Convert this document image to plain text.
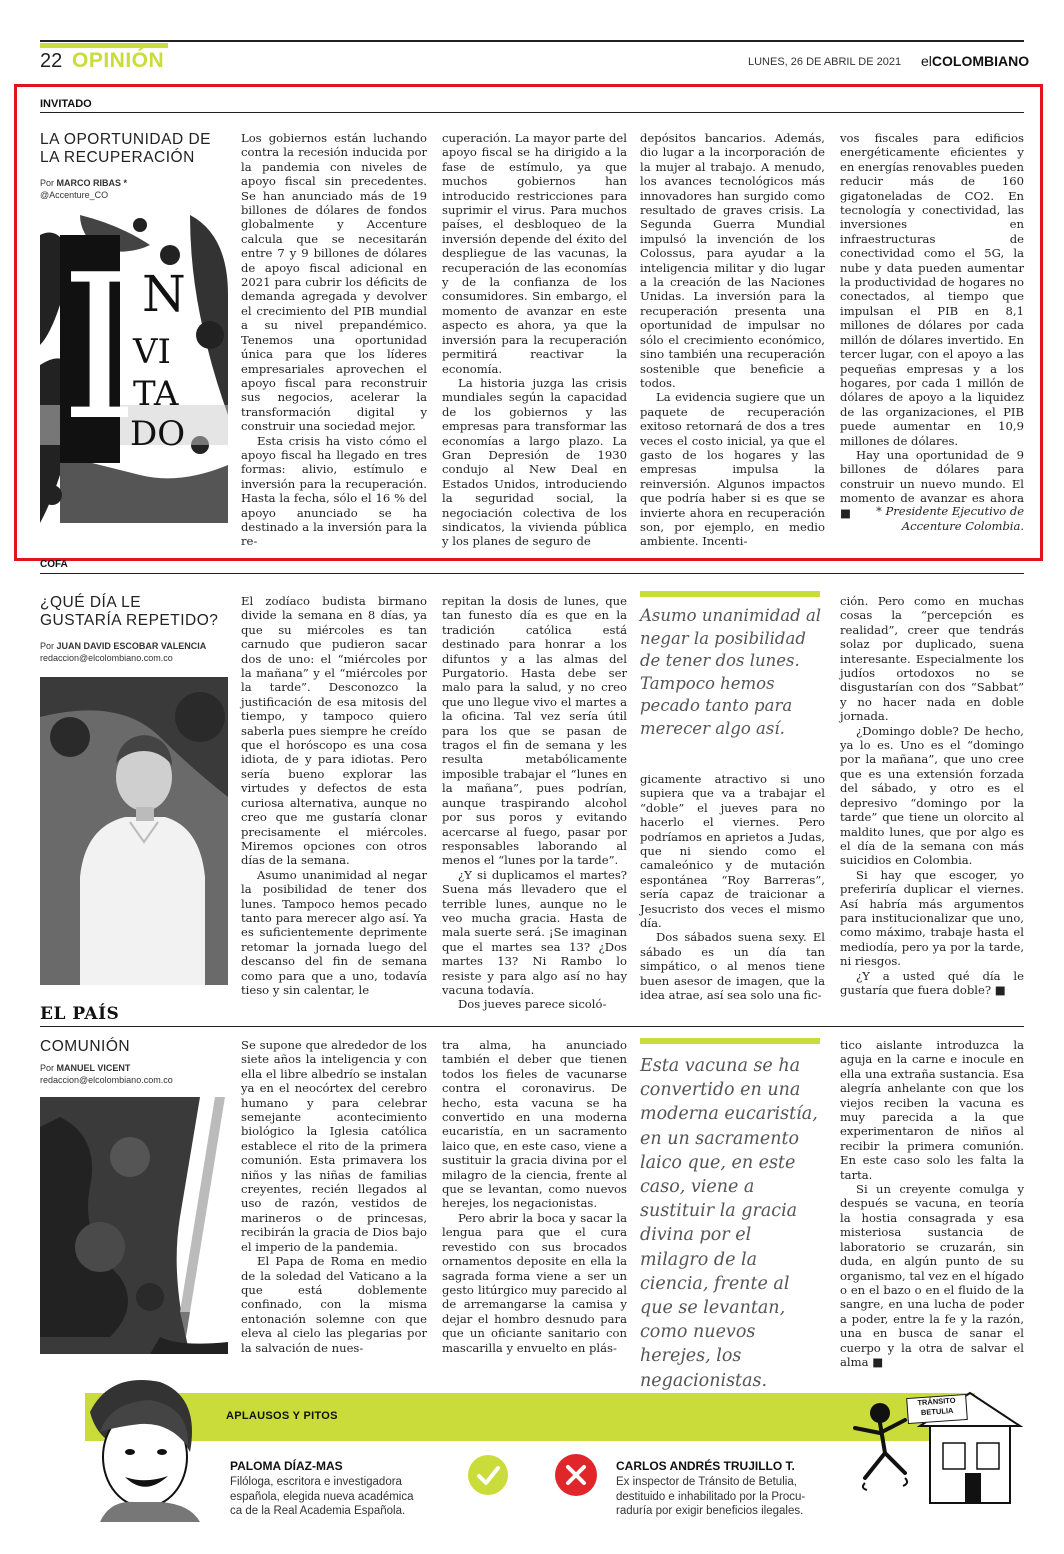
22 OPINIÓN	LUNES, 26 DE ABRIL DE 2021 elCOLOMBIANO
INVITADO
LA OPORTUNIDAD DE
LA RECUPERACIÓN
Por MARCO RIBAS *
@Accenture_CO
I N
VI
TA
DO

Los gobiernos están luchando contra la recesión inducida por la pandemia con niveles de apoyo fiscal sin precedentes. Se han anunciado más de 19 billones de dólares de fondos globalmente y Accenture calcula que se necesitarán entre 7 y 9 billones de dólares de apoyo fiscal adicional en 2021 para cubrir los déficits de demanda agregada y devolver el crecimiento del PIB mundial a su nivel prepandémico. Tenemos una oportunidad única para que los líderes empresariales aprovechen el apoyo fiscal para reconstruir sus negocios, acelerar la transformación digital y construir una sociedad mejor.

Esta crisis ha visto cómo el apoyo fiscal ha llegado en tres formas: alivio, estímulo e inversión para la recuperación. Hasta la fecha, sólo el 16 % del apoyo anunciado se ha destinado a la inversión para la re-

cuperación. La mayor parte del apoyo fiscal se ha dirigido a la fase de estímulo, ya que muchos gobiernos han introducido restricciones para suprimir el virus. Para muchos países, el desbloqueo de la inversión depende del éxito del despliegue de las vacunas, la recuperación de las economías y de la confianza de los consumidores. Sin embargo, el momento de avanzar en este aspecto es ahora, ya que la inversión para la recuperación permitirá reactivar la economía.

La historia juzga las crisis mundiales según la capacidad de los gobiernos y las empresas para transformar las economías a largo plazo. La Gran Depresión de 1930 condujo al New Deal en Estados Unidos, introduciendo la seguridad social, la negociación colectiva de los sindicatos, la vivienda pública y los planes de seguro de

depósitos bancarios. Además, dio lugar a la incorporación de la mujer al trabajo. A menudo, los avances tecnológicos más innovadores han surgido como resultado de graves crisis. La Segunda Guerra Mundial impulsó la invención de los Colossus, para ayudar a la inteligencia militar y dio lugar a la creación de las Naciones Unidas. La inversión para la recuperación presenta una oportunidad de impulsar no sólo el crecimiento económico, sino también una recuperación sostenible que beneficie a todos.

La evidencia sugiere que un paquete de recuperación exitoso retornará de dos a tres veces el costo inicial, ya que el gasto de los hogares y las empresas impulsa la reinversión. Algunos impactos que podría haber si es que se invierte ahora en recuperación son, por ejemplo, en medio ambiente. Incenti-

vos fiscales para edificios energéticamente eficientes y en energías renovables pueden reducir más de 160 gigatoneladas de CO2. En tecnología y conectividad, las inversiones en infraestructuras de conectividad como el 5G, la nube y data pueden aumentar la productividad de hogares no conectados, al tiempo que impulsan el PIB en 8,1 millones de dólares por cada millón de dólares invertido. En tercer lugar, con el apoyo a las pequeñas empresas y a los hogares, por cada 1 millón de dólares de apoyo a la liquidez de las organizaciones, el PIB puede aumentar en 10,9 millones de dólares.

Hay una oportunidad de 9 billones de dólares para construir un nuevo mundo. El momento de avanzar es ahora ■	* Presidente Ejecutivo de
Accenture Colombia.
COFA
¿QUÉ DÍA LE
GUSTARÍA REPETIDO?
Por JUAN DAVID ESCOBAR VALENCIA
redaccion@elcolombiano.com.co

El zodíaco budista birmano divide la semana en 8 días, ya que su miércoles es tan carnudo que pudieron sacar dos de uno: el “miércoles por la mañana” y el “miércoles por la tarde”. Desconozco la justificación de esa mitosis del tiempo, y tampoco quiero saberla pues siempre he creído que el horóscopo es una cosa idiota, de y para idiotas. Pero sería bueno explorar las virtudes y defectos de esta curiosa alternativa, aunque no creo que me gustaría clonar precisamente el miércoles. Miremos opciones con otros días de la semana.

Asumo unanimidad al negar la posibilidad de tener dos lunes. Tampoco hemos pecado tanto para merecer algo así. Ya es suficientemente deprimente retomar la jornada luego del descanso del fin de semana como para que a uno, todavía tieso y sin calentar, le

repitan la dosis de lunes, que tan funesto día es que en la tradición católica está destinado para honrar a los difuntos y a las almas del Purgatorio. Hasta debe ser malo para la salud, y no creo que uno llegue vivo el martes a la oficina. Tal vez sería útil para los que se pasan de tragos el fin de semana y les resulta metabólicamente imposible trabajar el “lunes en la mañana”, pues podrían, aunque traspirando alcohol por sus poros y evitando acercarse al fuego, pasar por responsables laborando al menos el “lunes por la tarde”.

¿Y si duplicamos el martes? Suena más llevadero que el terrible lunes, aunque no le veo mucha gracia. Hasta de mala suerte será. ¡Se imaginan que el martes sea 13? ¿Dos martes 13? Ni Rambo lo resiste y para algo así no hay vacuna todavía.

Dos jueves parece sicoló-

Asumo unanimidad al negar la posibilidad de tener dos lunes. Tampoco hemos pecado tanto para merecer algo así.

gicamente atractivo si uno supiera que va a trabajar el “doble” el jueves para no hacerlo el viernes. Pero podríamos en aprietos a Judas, que ni siendo como el camaleónico y de mutación espontánea “Roy Barreras”, sería capaz de traicionar a Jesucristo dos veces el mismo día.

Dos sábados suena sexy. El sábado es un día tan simpático, o al menos tiene buen asesor de imagen, que la idea atrae, así sea solo una fic-

ción. Pero como en muchas cosas la “percepción es realidad”, creer que tendrás solaz por duplicado, suena interesante. Especialmente los judíos ortodoxos no se disgustarían con dos “Sabbat” y no hacer nada en doble jornada.

¿Domingo doble? De hecho, ya lo es. Uno es el “domingo por la mañana”, que uno cree que es una extensión forzada del sábado, y otro es el depresivo “domingo por la tarde” que tiene un olorcito al maldito lunes, que por algo es el día de la semana con más suicidios en Colombia.

Si hay que escoger, yo preferiría duplicar el viernes. Así habría más argumentos para institucionalizar que uno, como máximo, trabaje hasta el mediodía, pero ya por la tarde, ni riesgos.

¿Y a usted qué día le gustaría que fuera doble? ■

EL PAÍS
COMUNIÓN
Por MANUEL VICENT
redaccion@elcolombiano.com.co

Se supone que alrededor de los siete años la inteligencia y con ella el libre albedrío se instalan ya en el neocórtex del cerebro humano y para celebrar semejante acontecimiento biológico la Iglesia católica establece el rito de la primera comunión. Esta primavera los niños y las niñas de familias creyentes, recién llegados al uso de razón, vestidos de marineros o de princesas, recibirán la gracia de Dios bajo el imperio de la pandemia.

El Papa de Roma en medio de la soledad del Vaticano a la que está doblemente confinado, con la misma entonación solemne con que eleva al cielo las plegarias por la salvación de nues-

tra alma, ha anunciado también el deber que tienen todos los fieles de vacunarse contra el coronavirus. De hecho, esta vacuna se ha convertido en una moderna eucaristía, en un sacramento laico que, en este caso, viene a sustituir la gracia divina por el milagro de la ciencia, frente al que se levantan, como nuevos herejes, los negacionistas.

Pero abrir la boca y sacar la lengua para que el cura revestido con sus brocados ornamentos deposite en ella la sagrada forma viene a ser un gesto litúrgico muy parecido al de arremangarse la camisa y dejar el hombro desnudo para que un oficiante sanitario con mascarilla y envuelto en plás-

Esta vacuna se ha convertido en una moderna eucaristía, en un sacramento laico que, en este caso, viene a sustituir la gracia divina por el milagro de la ciencia, frente al que se levantan, como nuevos herejes, los negacionistas.

tico aislante introduzca la aguja en la carne e inocule en ella una extraña sustancia. Esa alegría anhelante con que los viejos reciben la vacuna es muy parecida a la que experimentaron de niños al recibir la primera comunión. En este caso solo les falta la tarta.

Si un creyente comulga y después se vacuna, en teoría la hostia consagrada y esa misteriosa sustancia de laboratorio se cruzarán, sin duda, en algún punto de su organismo, tal vez en el hígado o en el bazo o en el fluido de la sangre, en una lucha de poder a poder, entre la fe y la razón, una en busca de sanar el cuerpo y la otra de salvar el alma ■

APLAUSOS Y PITOS
PALOMA DÍAZ-MAS
Filóloga, escritora e investigadora
española, elegida nueva académica
ca de la Real Academia Española.
CARLOS ANDRÉS TRUJILLO T.
Ex inspector de Tránsito de Betulia,
destituido e inhabilitado por la Procu-
raduría por exigir beneficios ilegales.
TRÁNSITO
BETULIA
